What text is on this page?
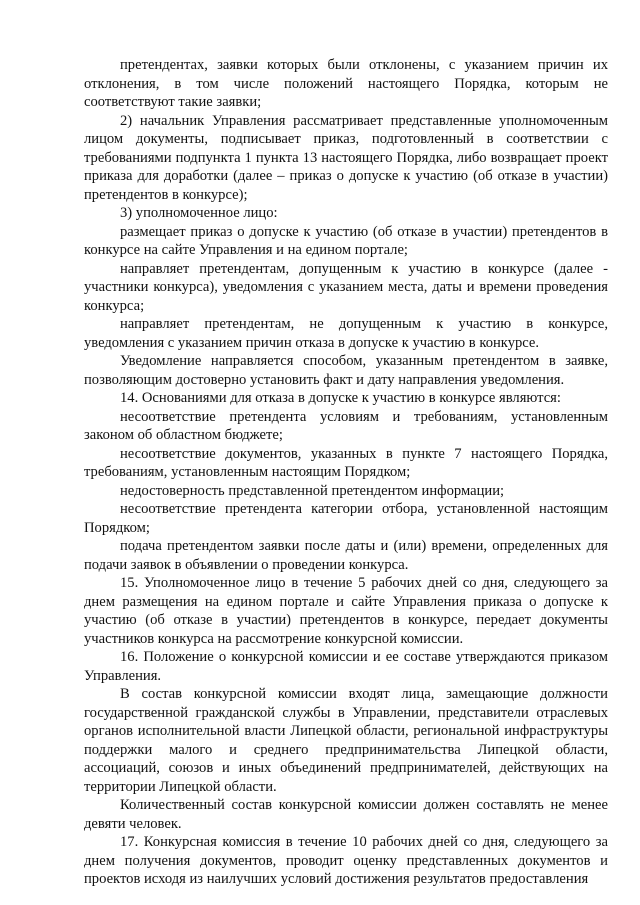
претендентах, заявки которых были отклонены, с указанием причин их отклонения, в том числе положений настоящего Порядка, которым не соответствуют такие заявки;

2) начальник Управления рассматривает представленные уполномоченным лицом документы, подписывает приказ, подготовленный в соответствии с требованиями подпункта 1 пункта 13 настоящего Порядка, либо возвращает проект приказа для доработки (далее – приказ о допуске к участию (об отказе в участии) претендентов в конкурсе);

3) уполномоченное лицо:

размещает приказ о допуске к участию (об отказе в участии) претендентов в конкурсе на сайте Управления и на едином портале;

направляет претендентам, допущенным к участию в конкурсе (далее - участники конкурса), уведомления с указанием места, даты и времени проведения конкурса;

направляет претендентам, не допущенным к участию в конкурсе, уведомления с указанием причин отказа в допуске к участию в конкурсе.

Уведомление направляется способом, указанным претендентом в заявке, позволяющим достоверно установить факт и дату направления уведомления.

14. Основаниями для отказа в допуске к участию в конкурсе являются:

несоответствие претендента условиям и требованиям, установленным законом об областном бюджете;

несоответствие документов, указанных в пункте 7 настоящего Порядка, требованиям, установленным настоящим Порядком;

недостоверность представленной претендентом информации;

несоответствие претендента категории отбора, установленной настоящим Порядком;

подача претендентом заявки после даты и (или) времени, определенных для подачи заявок в объявлении о проведении конкурса.

15. Уполномоченное лицо в течение 5 рабочих дней со дня, следующего за днем размещения на едином портале и сайте Управления приказа о допуске к участию (об отказе в участии) претендентов в конкурсе, передает документы участников конкурса на рассмотрение конкурсной комиссии.

16. Положение о конкурсной комиссии и ее составе утверждаются приказом Управления.

В состав конкурсной комиссии входят лица, замещающие должности государственной гражданской службы в Управлении, представители отраслевых органов исполнительной власти Липецкой области, региональной инфраструктуры поддержки малого и среднего предпринимательства Липецкой области, ассоциаций, союзов и иных объединений предпринимателей, действующих на территории Липецкой области.

Количественный состав конкурсной комиссии должен составлять не менее девяти человек.

17. Конкурсная комиссия в течение 10 рабочих дней со дня, следующего за днем получения документов, проводит оценку представленных документов и проектов исходя из наилучших условий достижения результатов предоставления
